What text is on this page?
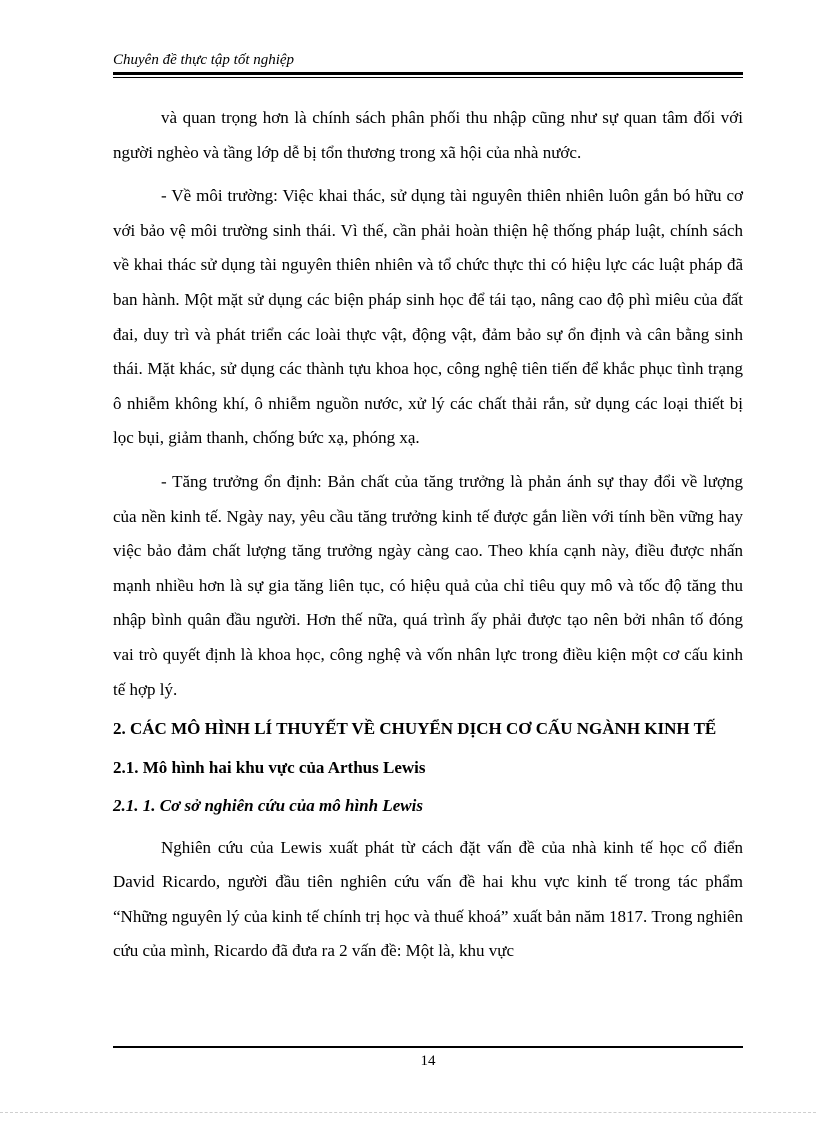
Chuyên đề thực tập tốt nghiệp

và quan trọng hơn là chính sách phân phối thu nhập cũng như sự quan tâm đối với người nghèo và tầng lớp dễ bị tổn thương trong xã hội của nhà nước.

- Về môi trường: Việc khai thác, sử dụng tài nguyên thiên nhiên luôn gắn bó hữu cơ với bảo vệ môi trường sinh thái. Vì thế, cần phải hoàn thiện hệ thống pháp luật, chính sách về khai thác sử dụng tài nguyên thiên nhiên và tổ chức thực thi có hiệu lực các luật pháp đã ban hành. Một mặt sử dụng các biện pháp sinh học để tái tạo, nâng cao độ phì miêu của đất đai, duy trì và phát triển các loài thực vật, động vật, đảm bảo sự ổn định và cân bằng sinh thái. Mặt khác, sử dụng các thành tựu khoa học, công nghệ tiên tiến để khắc phục tình trạng ô nhiễm không khí, ô nhiễm nguồn nước, xử lý các chất thải rắn, sử dụng các loại thiết bị lọc bụi, giảm thanh, chống bức xạ, phóng xạ.

- Tăng trưởng ổn định: Bản chất của tăng trưởng là phản ánh sự thay đổi về lượng của nền kinh tế. Ngày nay, yêu cầu tăng trưởng kinh tế được gắn liền với tính bền vững hay việc bảo đảm chất lượng tăng trưởng ngày càng cao. Theo khía cạnh này, điều được nhấn mạnh nhiều hơn là sự gia tăng liên tục, có hiệu quả của chỉ tiêu quy mô và tốc độ tăng thu nhập bình quân đầu người. Hơn thế nữa, quá trình ấy phải được tạo nên bởi nhân tố đóng vai trò quyết định là khoa học, công nghệ và vốn nhân lực trong điều kiện một cơ cấu kinh tế hợp lý.

2. CÁC MÔ HÌNH LÍ THUYẾT VỀ CHUYỂN DỊCH CƠ CẤU NGÀNH KINH TẾ
2.1. Mô hình hai khu vực của Arthus Lewis
2.1. 1. Cơ sở nghiên cứu của mô hình Lewis

Nghiên cứu của Lewis xuất phát từ cách đặt vấn đề của nhà kinh tế học cổ điển David Ricardo, người đầu tiên nghiên cứu vấn đề hai khu vực kinh tế trong tác phẩm “Những nguyên lý của kinh tế chính trị học và thuế khoá” xuất bản năm 1817. Trong nghiên cứu của mình, Ricardo đã đưa ra 2 vấn đề: Một là, khu vực

14
